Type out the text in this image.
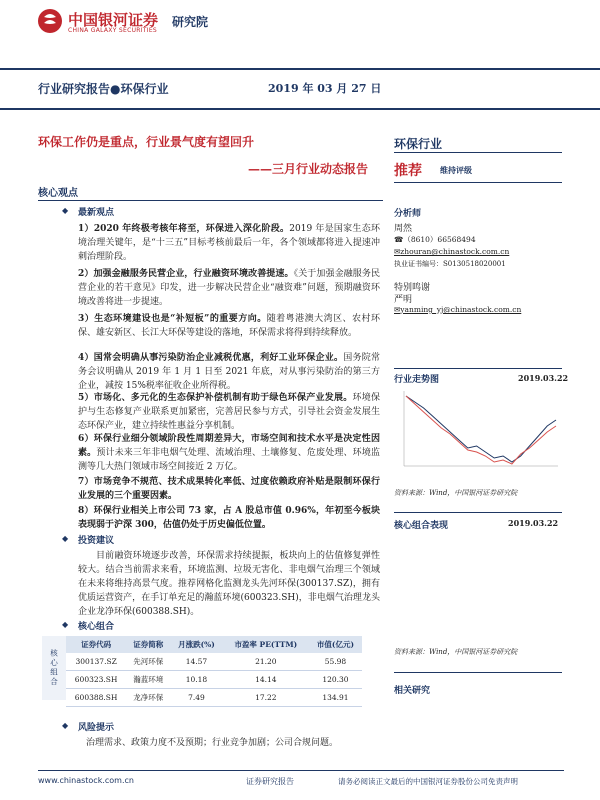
中国银河证券
CHINA GALAXY SECURITIES
研究院
行业研究报告●环保行业	2019 年 03 月 27 日
环保工作仍是重点，行业景气度有望回升
——三月行业动态报告
核心观点
◆ 最新观点
1）2020 年终极考核年将至，环保进入深化阶段。2019 年是国家生态环境治理关键年，是“十三五”目标考核前最后一年，各个领域都将进入提速冲刺治理阶段。
2）加强金融服务民营企业，行业融资环境改善提速。《关于加强金融服务民营企业的若干意见》印发，进一步解决民营企业“融资难”问题，预期融资环境改善将进一步提速。
3）生态环境建设也是“补短板”的重要方向。随着粤港澳大湾区、农村环保、雄安新区、长江大环保等建设的落地，环保需求将得到持续释放。
4）国常会明确从事污染防治企业减税优惠，利好工业环保企业。国务院常务会议明确从 2019 年 1 月 1 日至 2021 年底，对从事污染防治的第三方企业，减按 15%税率征收企业所得税。
5）市场化、多元化的生态保护补偿机制有助于绿色环保产业发展。环境保护与生态修复产业联系更加紧密，完善居民参与方式，引导社会资金发展生态环保产业，建立持续性惠益分享机制。
6）环保行业细分领域阶段性周期差异大，市场空间和技术水平是决定性因素。预计未来三年非电烟气处理、流域治理、土壤修复、危废处理、环境监测等几大热门领域市场空间接近 2 万亿。
7）市场竞争不规范、技术成果转化率低、过度依赖政府补贴是限制环保行业发展的三个重要因素。
8）环保行业相关上市公司 73 家，占 A 股总市值 0.96%，年初至今板块表现弱于沪深 300，估值仍处于历史偏低位置。
◆ 投资建议
目前融资环境逐步改善，环保需求持续提振，板块向上的估值修复弹性较大。结合当前需求来看，环境监测、垃圾无害化、非电烟气治理三个领域在未来将维持高景气度。推荐网格化监测龙头先河环保(300137.SZ)，拥有优质运营资产，在手订单充足的瀚蓝环境(600323.SH)，非电烟气治理龙头企业龙净环保(600388.SH)。
◆ 核心组合
核心组合
证券代码	证券简称	月涨跌(%)	市盈率 PE(TTM)	市值(亿元)
300137.SZ	先河环保	14.57	21.20	55.98
600323.SH	瀚蓝环境	10.18	14.14	120.30
600388.SH	龙净环保	7.49	17.22	134.91
◆ 风险提示
治理需求、政策力度不及预期；行业竞争加剧；公司合规问题。
环保行业
推荐 维持评级
分析师
周然
☎（8610）66568494
✉zhouran@chinastock.com.cn
执业证书编号：S0130518020001
特别鸣谢
严明
✉yanming_yj@chinastock.com.cn
行业走势图	2019.03.22
资料来源：Wind，中国银河证券研究院
核心组合表现	2019.03.22
资料来源：Wind，中国银河证券研究院
相关研究
www.chinastock.com.cn	证券研究报告	请务必阅读正文最后的中国银河证券股份公司免责声明
